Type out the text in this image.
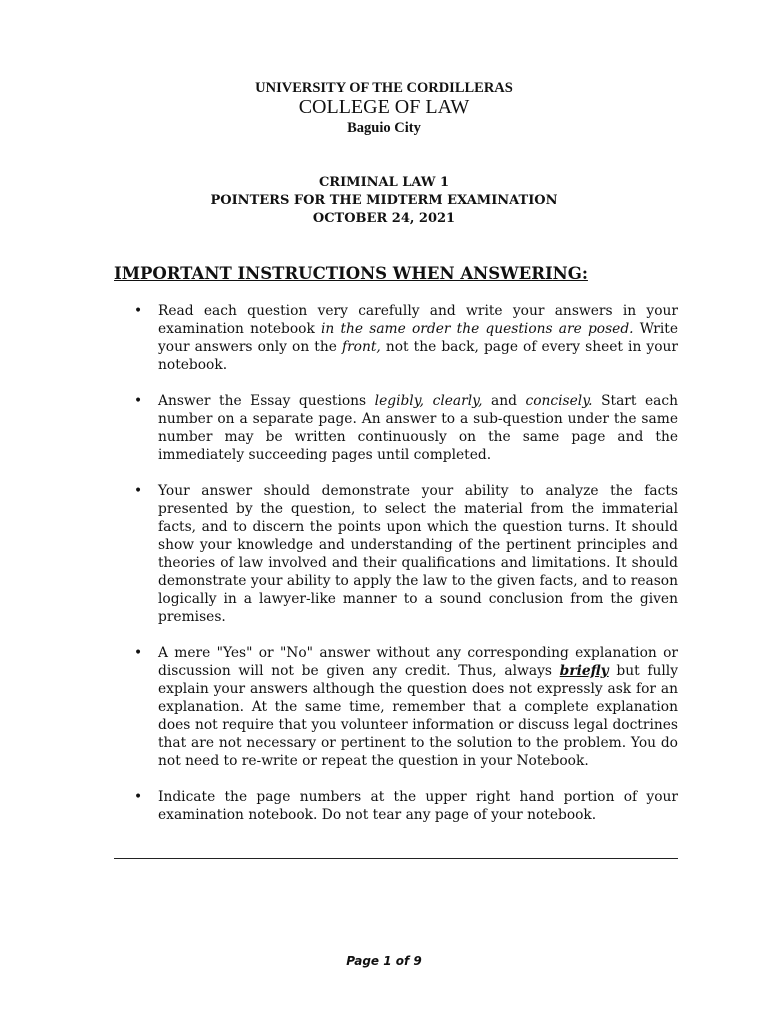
UNIVERSITY OF THE CORDILLERAS
COLLEGE OF LAW
Baguio City
CRIMINAL LAW 1
POINTERS FOR THE MIDTERM EXAMINATION
OCTOBER 24, 2021
IMPORTANT INSTRUCTIONS WHEN ANSWERING:
• Read each question very carefully and write your answers in your examination notebook in the same order the questions are posed. Write your answers only on the front, not the back, page of every sheet in your notebook.
• Answer the Essay questions legibly, clearly, and concisely. Start each number on a separate page. An answer to a sub-question under the same number may be written continuously on the same page and the immediately succeeding pages until completed.
• Your answer should demonstrate your ability to analyze the facts presented by the question, to select the material from the immaterial facts, and to discern the points upon which the question turns. It should show your knowledge and understanding of the pertinent principles and theories of law involved and their qualifications and limitations. It should demonstrate your ability to apply the law to the given facts, and to reason logically in a lawyer-like manner to a sound conclusion from the given premises.
• A mere "Yes" or "No" answer without any corresponding explanation or discussion will not be given any credit. Thus, always briefly but fully explain your answers although the question does not expressly ask for an explanation. At the same time, remember that a complete explanation does not require that you volunteer information or discuss legal doctrines that are not necessary or pertinent to the solution to the problem. You do not need to re-write or repeat the question in your Notebook.
• Indicate the page numbers at the upper right hand portion of your examination notebook. Do not tear any page of your notebook.
Page 1 of 9
